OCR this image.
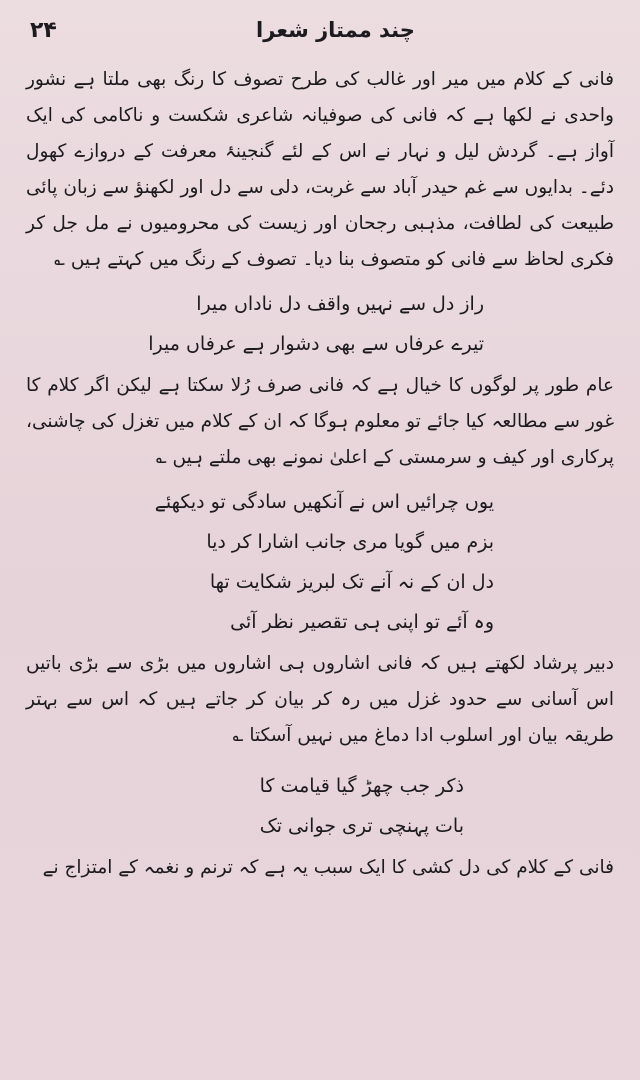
۲۴	چند ممتاز شعرا

فانی کے کلام میں میر اور غالب کی طرح تصوف کا رنگ بھی ملتا ہے نشور واحدی نے لکھا ہے کہ فانی کی صوفیانہ شاعری شکست و ناکامی کی ایک آواز ہے۔ گردش لیل و نہار نے اس کے لئے گنجینۂ معرفت کے دروازے کھول دئے۔ بدایوں سے غم حیدر آباد سے غربت، دلی سے دل اور لکھنؤ سے زبان پائی طبیعت کی لطافت، مذہبی رجحان اور زیست کی محرومیوں نے مل جل کر فکری لحاظ سے فانی کو متصوف بنا دیا۔ تصوف کے رنگ میں کہتے ہیں ؎

راز دل سے نہیں واقف دل ناداں میرا

تیرے عرفاں سے بھی دشوار ہے عرفاں میرا

عام طور پر لوگوں کا خیال ہے کہ فانی صرف رُلا سکتا ہے لیکن اگر کلام کا غور سے مطالعہ کیا جائے تو معلوم ہوگا کہ ان کے کلام میں تغزل کی چاشنی، پرکاری اور کیف و سرمستی کے اعلیٰ نمونے بھی ملتے ہیں ؎

یوں چرائیں اس نے آنکھیں سادگی تو دیکھئے

بزم میں گویا مری جانب اشارا کر دیا

دل ان کے نہ آنے تک لبریز شکایت تھا

وہ آئے تو اپنی ہی تقصیر نظر آئی

دبیر پرشاد لکھتے ہیں کہ فانی اشاروں ہی اشاروں میں بڑی سے بڑی باتیں اس آسانی سے حدود غزل میں رہ کر بیان کر جاتے ہیں کہ اس سے بہتر طریقہ بیان اور اسلوب ادا دماغ میں نہیں آسکتا ؎

ذکر جب چھڑ گیا قیامت کا

بات پہنچی تری جوانی تک

فانی کے کلام کی دل کشی کا ایک سبب یہ ہے کہ ترنم و نغمہ کے امتزاج نے
